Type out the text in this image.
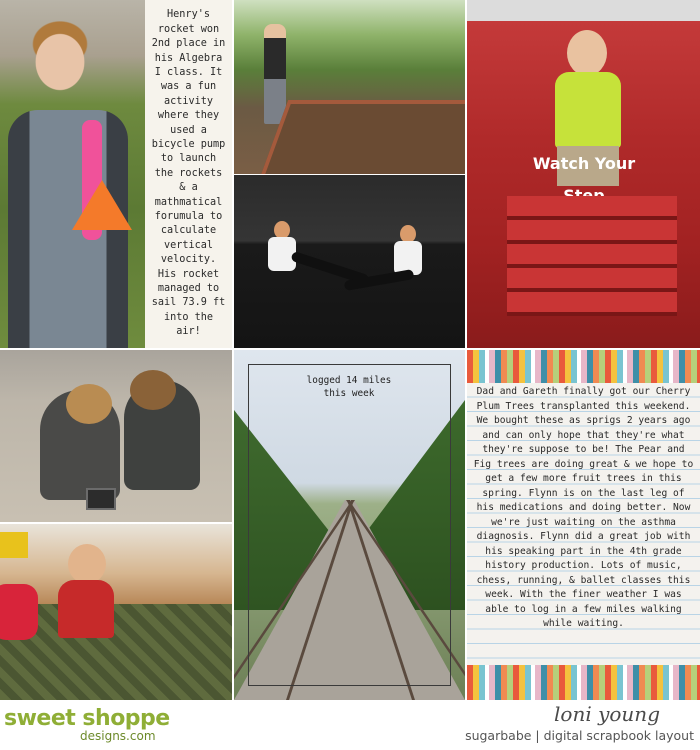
Henry's rocket won 2nd place in his Algebra I class. It was a fun activity where they used a bicycle pump to launch the rockets & a mathmatical forumula to calculate vertical velocity. His rocket managed to sail 73.9 ft into the air!

Watch Your
logged 14 miles this week	Dad and Gareth finally got our Cherry Plum Trees transplanted this weekend. We bought these as sprigs 2 years ago and can only hope that they're what they're suppose to be! The Pear and Fig trees are doing great & we hope to get a few more fruit trees in this spring. Flynn is on the last leg of his medications and doing better. Now we're just waiting on the asthma diagnosis. Flynn did a great job with his speaking part in the 4th grade history production. Lots of music, chess, running, & ballet classes this week. With the finer weather I was able to log in a few miles walking while waiting.

sweet shoppe
designs.com
loni young
sugarbabe | digital scrapbook layout
